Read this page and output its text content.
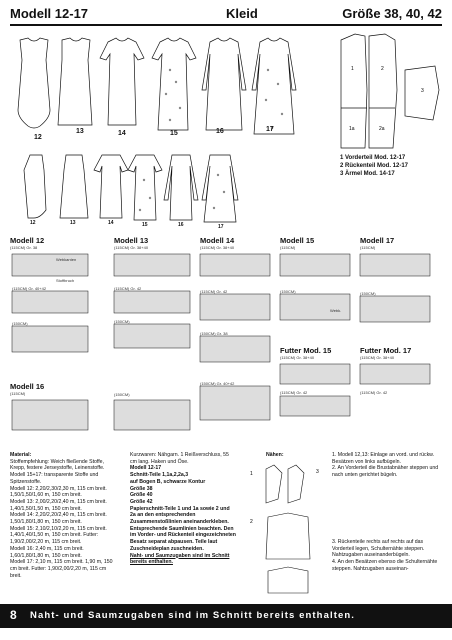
Modell 12-17	Kleid	Größe 38, 40, 42
12
13	14	15	16	17
12	13	14	15	16	17
1	2
3
1a	2a
1 Vorderteil Mod. 12-17
2 Rückenteil Mod. 12-17
3 Ärmel Mod. 14-17
Modell 12
(115CM) Gr. 38
(115CM) Gr. 40+42
(150CM)
Modell 13
(115CM) Gr. 38+40
(115CM) Gr. 42
(150CM)
Modell 14
(115CM) Gr. 38+40
(115CM) Gr. 42
(150CM) Gr. 38
(150CM) Gr. 40+42
Modell 15
(115CM)
(150CM)
Modell 17
(115CM)
(150CM)
Modell 16
(115CM)	(150CM)
Futter Mod. 15
(115CM) Gr. 38+40
(115CM) Gr. 42
Futter Mod. 17
(115CM) Gr. 38+40
(115CM) Gr. 42
Webkanten
Stoffbruch
Webk.
Material:
Stoffempfehlung: Weich fließende Stoffe, Krepp, festere Jerseystoffe, Leinenstoffe.
Modell 15+17: transparente Stoffe und Spitzenstoffe.
Modell 12: 2,20/2,30/2,30 m, 115 cm breit. 1,50/1,50/1,60 m, 150 cm breit.
Modell 13: 2,00/2,20/2,40 m, 115 cm breit. 1,40/1,50/1,50 m, 150 cm breit.
Modell 14: 2,20/2,20/2,40 m, 115 cm breit. 1,50/1,80/1,80 m, 150 cm breit.
Modell 15: 2,10/2,10/2,20 m, 115 cm breit. 1,40/1,40/1,50 m, 150 cm breit. Futter: 1,90/2,00/2,20 m, 115 cm breit.
Modell 16: 2,40 m, 115 cm breit. 1,60/1,80/1,80 m, 150 cm breit.
Modell 17: 2,10 m, 115 cm breit. 1,90 m, 150 cm breit. Futter: 1,90/2,00/2,20 m, 115 cm breit.
Kurzwaren: Nähgarn. 1 Reißverschluss, 55 cm lang. Haken und Öse.
Modell 12-17
Schnitt-Teile 1,1a,2,2a,3
auf Bogen B, schwarze Kontur
Größe 38
Größe 40
Größe 42
Papierschnitt-Teile 1 und 1a sowie 2 und 2a an den entsprechenden Zusammenstoßlinien aneinanderkleben. Entsprechende Saumlinien beachten. Den im Vorder- und Rückenteil eingezeichneten Besatz separat abpausen. Teile laut Zuschneideplan zuschneiden.
Naht- und Saumzugaben sind im Schnitt bereits enthalten.
Nähen:
1
2
3
1. Modell 12,13: Einlage an vord. und rückw. Besätzen von links aufbügeln.
2. An Vorderteil die Brustabnäher steppen und nach unten gerichtet bügeln.
3. Rückenteile rechts auf rechts auf das Vorderteil legen, Schulternähte steppen. Nahtzugaben auseinanderbügeln.
4. An den Besätzen ebenso die Schulternähte steppen. Nahtzugaben auseinan-
8 Naht- und Saumzugaben sind im Schnitt bereits enthalten.
